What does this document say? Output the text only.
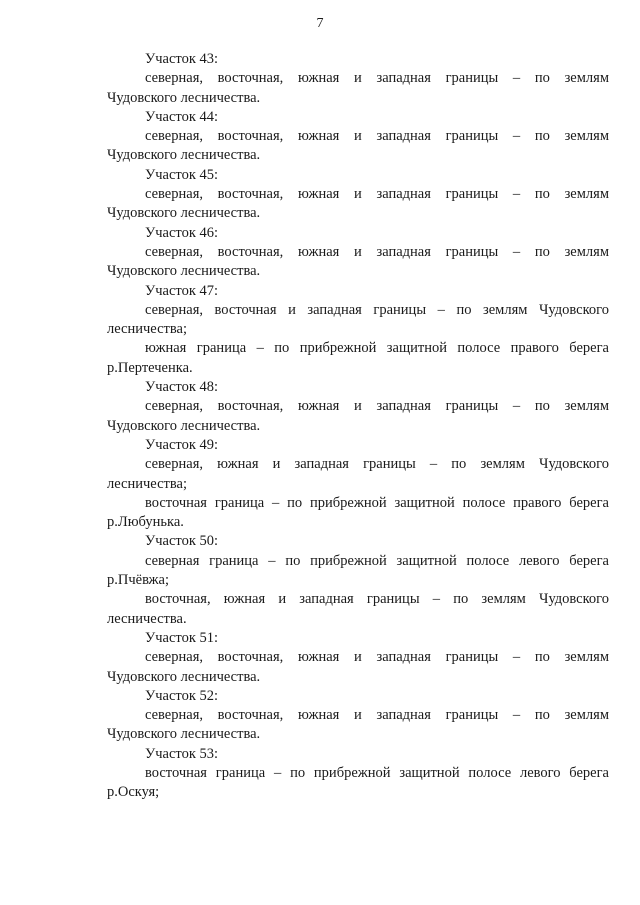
7
Участок 43:
северная, восточная, южная и западная границы – по землям
Чудовского лесничества.
Участок 44:
северная, восточная, южная и западная границы – по землям
Чудовского лесничества.
Участок 45:
северная, восточная, южная и западная границы – по землям
Чудовского лесничества.
Участок 46:
северная, восточная, южная и западная границы – по землям
Чудовского лесничества.
Участок 47:
северная, восточная и западная границы – по землям Чудовского
лесничества;
южная граница – по прибрежной защитной полосе правого берега
р.Пертеченка.
Участок 48:
северная, восточная, южная и западная границы – по землям
Чудовского лесничества.
Участок 49:
северная, южная и западная границы – по землям Чудовского
лесничества;
восточная граница – по прибрежной защитной полосе правого берега
р.Любунька.
Участок 50:
северная граница – по прибрежной защитной полосе левого берега
р.Пчёвжа;
восточная, южная и западная границы – по землям Чудовского
лесничества.
Участок 51:
северная, восточная, южная и западная границы – по землям
Чудовского лесничества.
Участок 52:
северная, восточная, южная и западная границы – по землям
Чудовского лесничества.
Участок 53:
восточная граница – по прибрежной защитной полосе левого берега
р.Оскуя;
